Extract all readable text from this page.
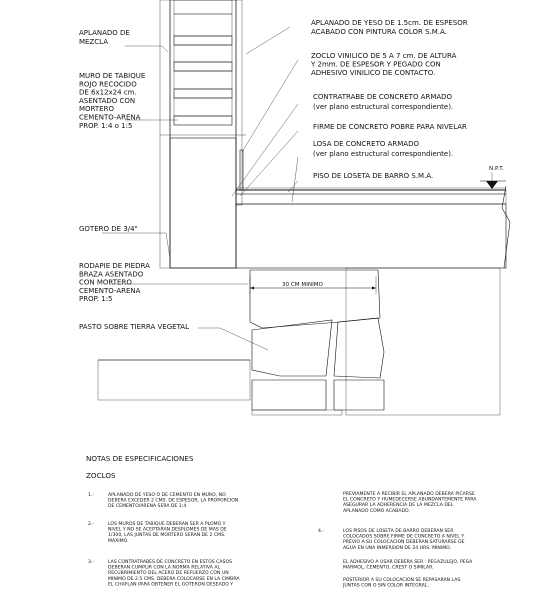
APLANADO DE MEZCLA
MURO DE TABIQUE ROJO RECOCIDO DE 6x12x24 cm. ASENTADO CON MORTERO CEMENTO-ARENA PROP. 1:4 o 1:5
GOTERO DE 3/4"
RODAPIE DE PIEDRA BRAZA ASENTADO CON MORTERO CEMENTO-ARENA PROP. 1:5
PASTO SOBRE TIERRA VEGETAL
APLANADO DE YESO DE 1.5cm. DE ESPESOR ACABADO CON PINTURA COLOR S.M.A.
ZOCLO VINILICO DE 5 A 7 cm. DE ALTURA Y 2mm. DE ESPESOR Y PEGADO CON ADHESIVO VINILICO DE CONTACTO.
CONTRATRABE DE CONCRETO ARMADO (ver plano estructural correspondiente).
FIRME DE CONCRETO POBRE PARA NIVELAR
LOSA DE CONCRETO ARMADO (ver plano estructural correspondiente).
PISO DE LOSETA DE BARRO S.M.A.
N.P.T.
30 CM MINIMO
NOTAS DE ESPECIFICACIONES
ZOCLOS
1.-	APLANADO DE YESO O DE CEMENTO EN MURO, NO DEBERA EXCEDER 2 CMS. DE ESPESOR, LA PROPORCION DE CEMENTO/ARENA SERA DE 1:4
2.-	LOS MUROS DE TABIQUE DEBERAN SER A PLOMO Y NIVEL Y NO SE ACEPTARAN DESPLOMES DE MAS DE 1/300, LAS JUNTAS DE MORTERO SERAN DE 2 CMS. MAXIMO.
3.-	LAS CONTRATRABES DE CONCRETO EN ESTOS CASOS DEBERAN CUMPLIR CON LA NORMA RELATIVA AL RECUBRIMIENTO DEL ACERO DE REFUERZO CON UN MINIMO DE 2.5 CMS. DEBERA COLOCARSE EN LA CIMBRA EL CHAFLAN PARA OBTENER EL GOTERON DESEADO Y
PREVIAMENTE A RECIBIR EL APLANADO DEBERA PICARSE EL CONCRETO Y HUMEDECERSE ABUNDANTEMENTE PARA ASEGURAR LA ADHERENCIA DE LA MEZCLA DEL APLANADO COMO ACABADO.
4.-	LOS PISOS DE LOSETA DE BARRO DEBERAN SER COLOCADOS SOBRE FIRME DE CONCRETO A NIVEL Y PREVIO A SU COLOCACION DEBERAN SATURARSE DE AGUA EN UNA INMERSION DE 24 HRS. MINIMO.
EL ADHESIVO A USAR DEBERA SER : PEGAZULEJO, PEGA MARMOL, CEMENTO, CREST O SIMILAR.
POSTERIOR A SU COLOCACION SE REPASARAN LAS JUNTAS CON O SIN COLOR INTEGRAL.
